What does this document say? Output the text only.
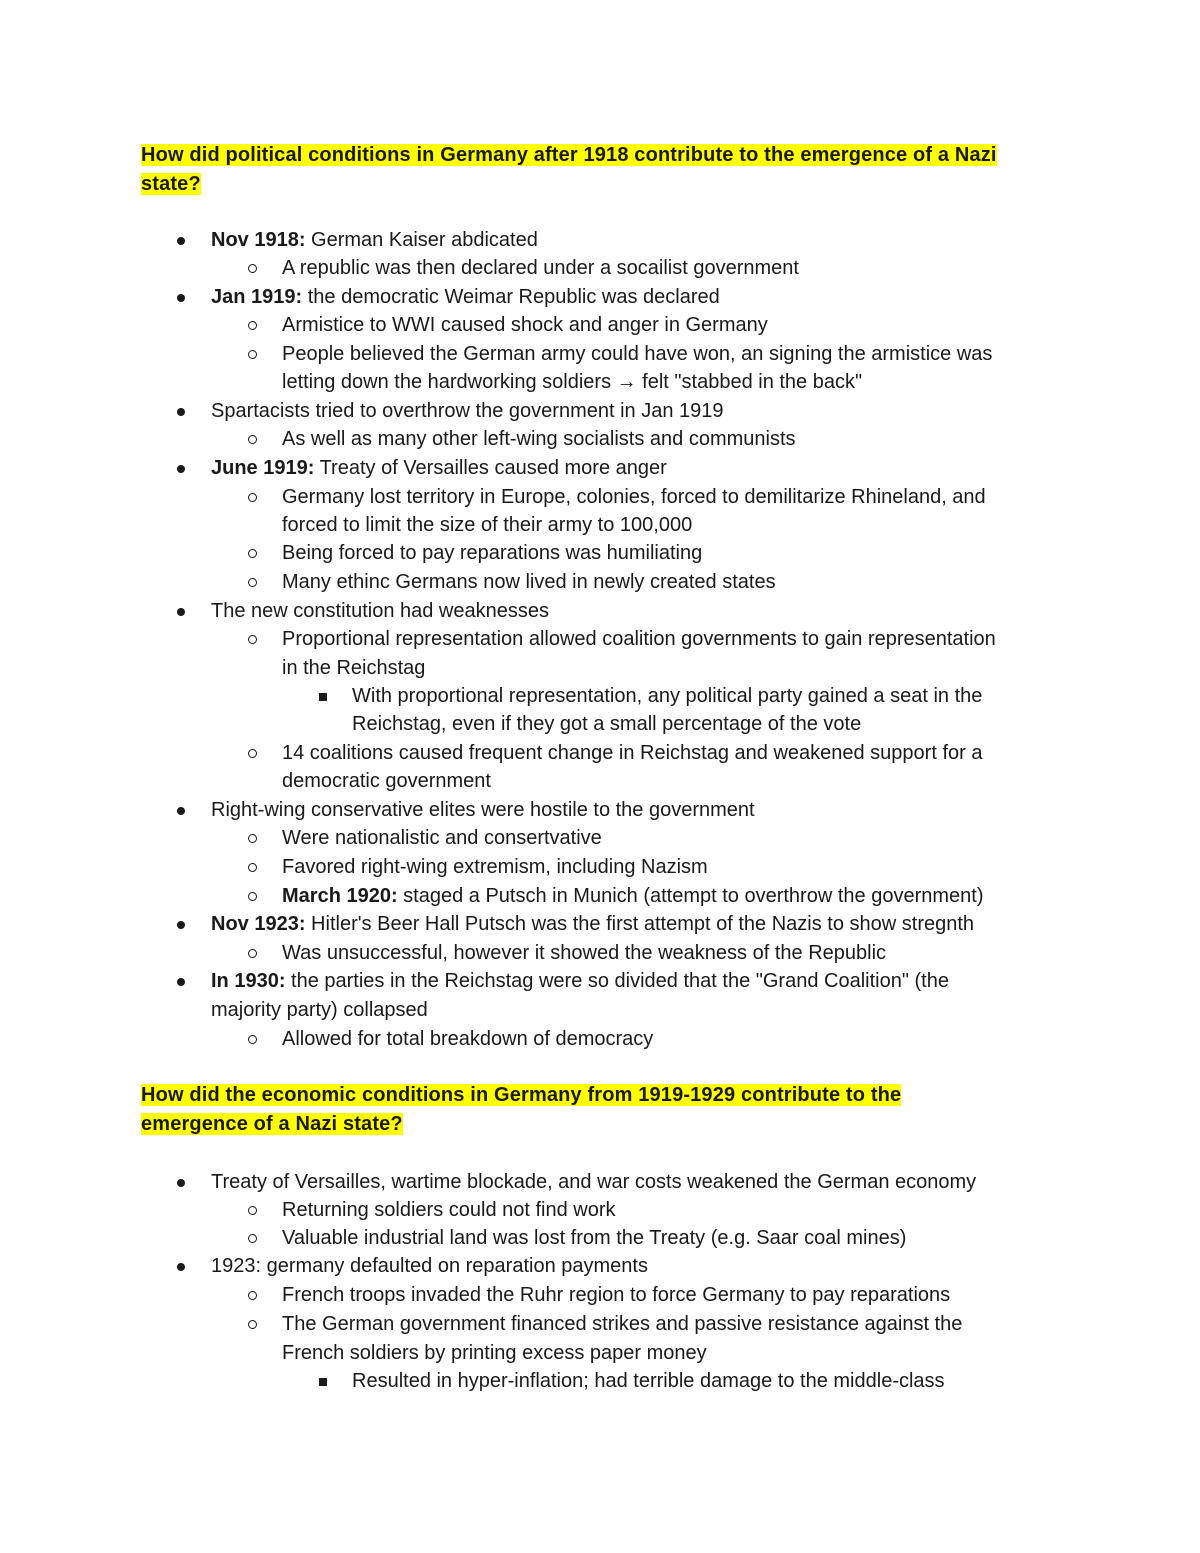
How did political conditions in Germany after 1918 contribute to the emergence of a Nazi
state?
Nov 1918: German Kaiser abdicated
A republic was then declared under a socailist government
Jan 1919: the democratic Weimar Republic was declared
Armistice to WWI caused shock and anger in Germany
People believed the German army could have won, an signing the armistice was
letting down the hardworking soldiers → felt "stabbed in the back"
Spartacists tried to overthrow the government in Jan 1919
As well as many other left-wing socialists and communists
June 1919: Treaty of Versailles caused more anger
Germany lost territory in Europe, colonies, forced to demilitarize Rhineland, and
forced to limit the size of their army to 100,000
Being forced to pay reparations was humiliating
Many ethinc Germans now lived in newly created states
The new constitution had weaknesses
Proportional representation allowed coalition governments to gain representation
in the Reichstag
With proportional representation, any political party gained a seat in the
Reichstag, even if they got a small percentage of the vote
14 coalitions caused frequent change in Reichstag and weakened support for a
democratic government
Right-wing conservative elites were hostile to the government
Were nationalistic and consertvative
Favored right-wing extremism, including Nazism
March 1920: staged a Putsch in Munich (attempt to overthrow the government)
Nov 1923: Hitler's Beer Hall Putsch was the first attempt of the Nazis to show stregnth
Was unsuccessful, however it showed the weakness of the Republic
In 1930: the parties in the Reichstag were so divided that the "Grand Coalition" (the
majority party) collapsed
Allowed for total breakdown of democracy
How did the economic conditions in Germany from 1919-1929 contribute to the
emergence of a Nazi state?
Treaty of Versailles, wartime blockade, and war costs weakened the German economy
Returning soldiers could not find work
Valuable industrial land was lost from the Treaty (e.g. Saar coal mines)
1923: germany defaulted on reparation payments
French troops invaded the Ruhr region to force Germany to pay reparations
The German government financed strikes and passive resistance against the
French soldiers by printing excess paper money
Resulted in hyper-inflation; had terrible damage to the middle-class
